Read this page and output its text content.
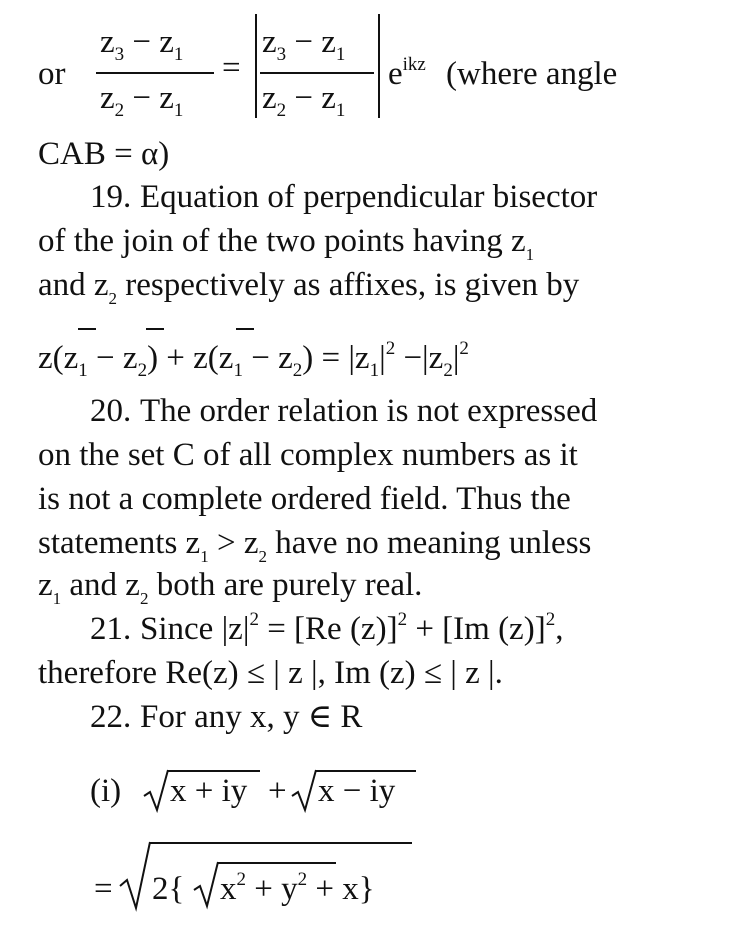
or
$z_3 - z_1$
$z_2 - z_1$
=
$z_3 - z_1$
$z_2 - z_1$
$e^{ikz}$ (where angle
CAB = α)
19. Equation of perpendicular bisector
of the join of the two points having $z_1$
and $z_2$ respectively as affixes, is given by
$z(z_1 - z_2) + z(z_1 - z_2) = |z_1|^2 -|z_2|^2$
20. The order relation is not expressed
on the set C of all complex numbers as it
is not a complete ordered field. Thus the
statements $z_1 > z_2$ have no meaning unless
$z_1$ and $z_2$ both are purely real.
21. Since $|z|^2 = [Re$ (z)]$^2$ + [Im (z)]$^2$,
therefore Re(z) ≤ | z |, Im (z) ≤ | z |.
22. For any x, y ∈ R
(i) x + iy + x − iy
= 2{ $x^2 + y^2 + x$}
